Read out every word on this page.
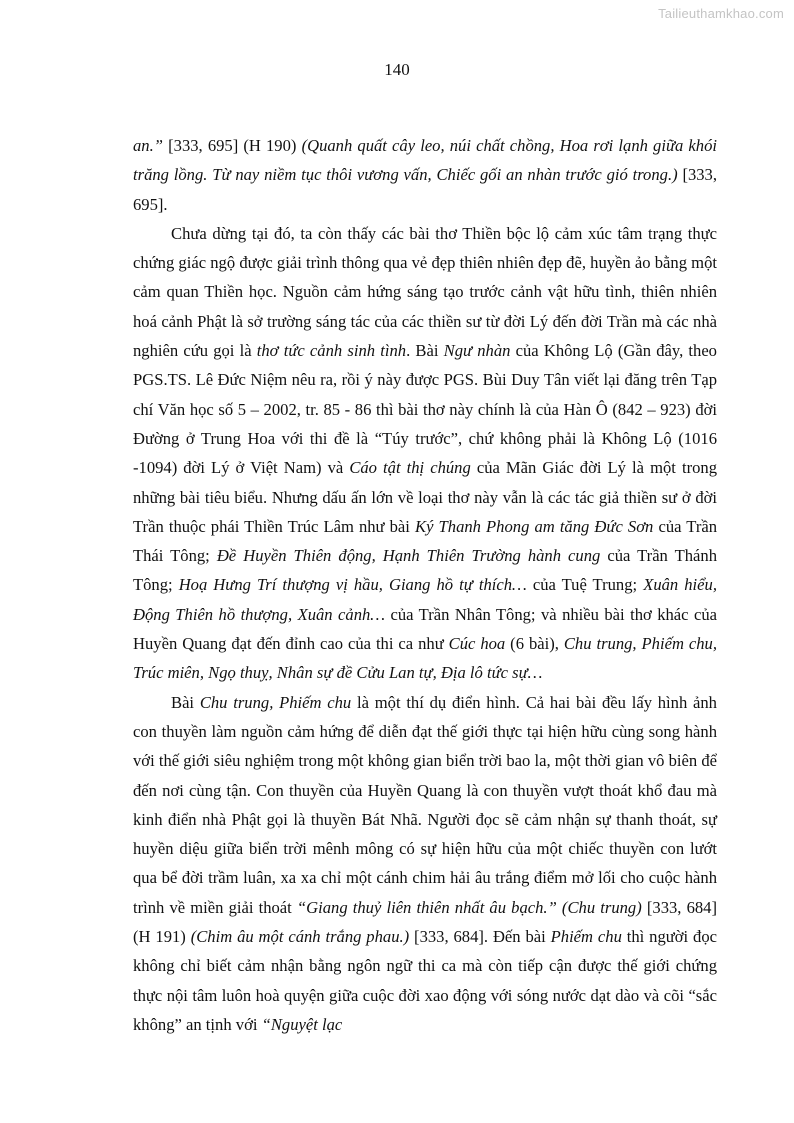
Tailieuthamkhao.com
140

an.” [333, 695] (H 190) (Quanh quất cây leo, núi chất chồng, Hoa rơi lạnh giữa khói trăng lồng. Từ nay niềm tục thôi vương vấn, Chiếc gối an nhàn trước gió trong.) [333, 695].

Chưa dừng tại đó, ta còn thấy các bài thơ Thiền bộc lộ cảm xúc tâm trạng thực chứng giác ngộ được giải trình thông qua vẻ đẹp thiên nhiên đẹp đẽ, huyền ảo bằng một cảm quan Thiền học. Nguồn cảm hứng sáng tạo trước cảnh vật hữu tình, thiên nhiên hoá cảnh Phật là sở trường sáng tác của các thiền sư từ đời Lý đến đời Trần mà các nhà nghiên cứu gọi là thơ tức cảnh sinh tình. Bài Ngư nhàn của Không Lộ (Gần đây, theo PGS.TS. Lê Đức Niệm nêu ra, rồi ý này được PGS. Bùi Duy Tân viết lại đăng trên Tạp chí Văn học số 5 – 2002, tr. 85 - 86 thì bài thơ này chính là của Hàn Ô (842 – 923) đời Đường ở Trung Hoa với thi đề là “Túy trước”, chứ không phải là Không Lộ (1016 -1094) đời Lý ở Việt Nam) và Cáo tật thị chúng của Mãn Giác đời Lý là một trong những bài tiêu biểu. Nhưng dấu ấn lớn về loại thơ này vẫn là các tác giả thiền sư ở đời Trần thuộc phái Thiền Trúc Lâm như bài Ký Thanh Phong am tăng Đức Sơn của Trần Thái Tông; Đề Huyền Thiên động, Hạnh Thiên Trường hành cung của Trần Thánh Tông; Hoạ Hưng Trí thượng vị hầu, Giang hồ tự thích… của Tuệ Trung; Xuân hiểu, Động Thiên hồ thượng, Xuân cảnh… của Trần Nhân Tông; và nhiều bài thơ khác của Huyền Quang đạt đến đỉnh cao của thi ca như Cúc hoa (6 bài), Chu trung, Phiếm chu, Trúc miên, Ngọ thuỵ, Nhân sự đề Cửu Lan tự, Địa lô tức sự…

Bài Chu trung, Phiếm chu là một thí dụ điển hình. Cả hai bài đều lấy hình ảnh con thuyền làm nguồn cảm hứng để diễn đạt thế giới thực tại hiện hữu cùng song hành với thế giới siêu nghiệm trong một không gian biển trời bao la, một thời gian vô biên để đến nơi cùng tận. Con thuyền của Huyền Quang là con thuyền vượt thoát khổ đau mà kinh điển nhà Phật gọi là thuyền Bát Nhã. Người đọc sẽ cảm nhận sự thanh thoát, sự huyền diệu giữa biển trời mênh mông có sự hiện hữu của một chiếc thuyền con lướt qua bể đời trầm luân, xa xa chỉ một cánh chim hải âu trắng điểm mở lối cho cuộc hành trình về miền giải thoát “Giang thuỷ liên thiên nhất âu bạch.” (Chu trung) [333, 684] (H 191) (Chim âu một cánh trắng phau.) [333, 684]. Đến bài Phiếm chu thì người đọc không chỉ biết cảm nhận bằng ngôn ngữ thi ca mà còn tiếp cận được thế giới chứng thực nội tâm luôn hoà quyện giữa cuộc đời xao động với sóng nước dạt dào và cõi “sắc không” an tịnh với “Nguyệt lạc
